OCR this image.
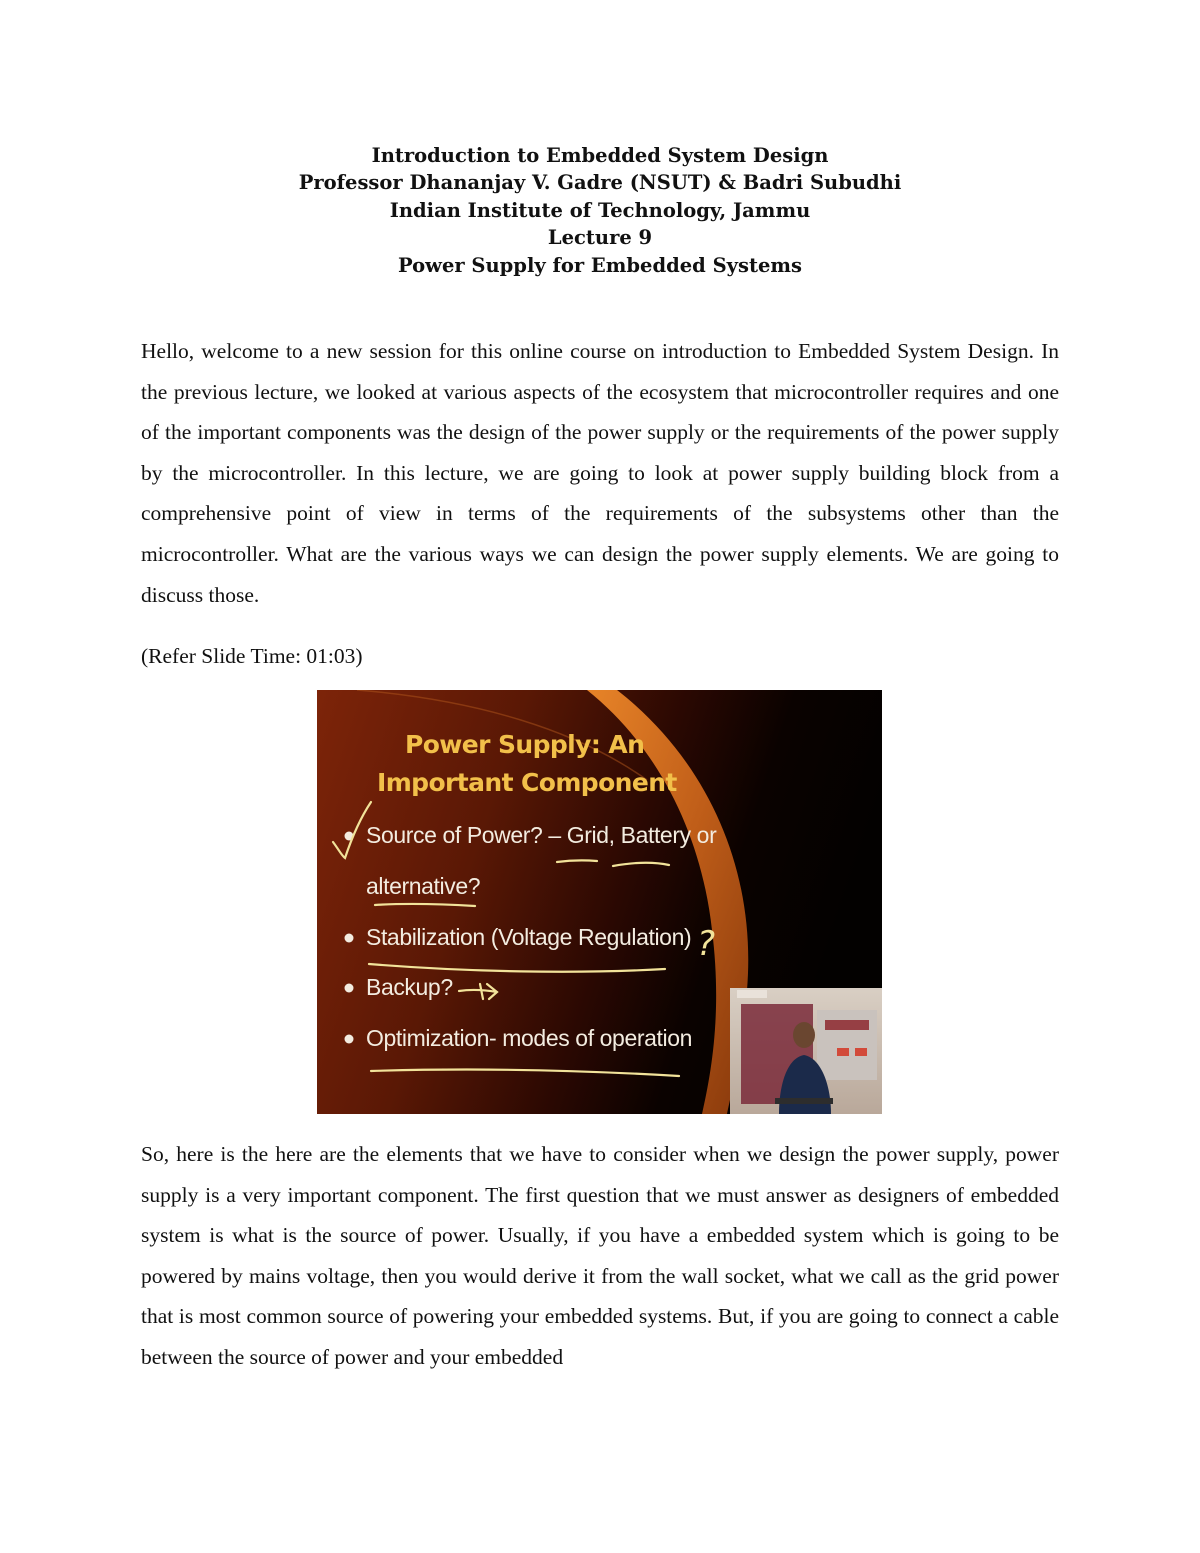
Introduction to Embedded System Design
Professor Dhananjay V. Gadre (NSUT) & Badri Subudhi
Indian Institute of Technology, Jammu
Lecture 9
Power Supply for Embedded Systems

Hello, welcome to a new session for this online course on introduction to Embedded System Design. In the previous lecture, we looked at various aspects of the ecosystem that microcontroller requires and one of the important components was the design of the power supply or the requirements of the power supply by the microcontroller. In this lecture, we are going to look at power supply building block from a comprehensive point of view in terms of the requirements of the subsystems other than the microcontroller. What are the various ways we can design the power supply elements. We are going to discuss those.

(Refer Slide Time: 01:03)
Power Supply: An
Important Component
Source of Power? – Grid, Battery or
alternative?
Stabilization (Voltage Regulation)
Backup?
Optimization- modes of operation
?

So, here is the here are the elements that we have to consider when we design the power supply, power supply is a very important component. The first question that we must answer as designers of embedded system is what is the source of power. Usually, if you have a embedded system which is going to be powered by mains voltage, then you would derive it from the wall socket, what we call as the grid power that is most common source of powering your embedded systems. But, if you are going to connect a cable between the source of power and your embedded
